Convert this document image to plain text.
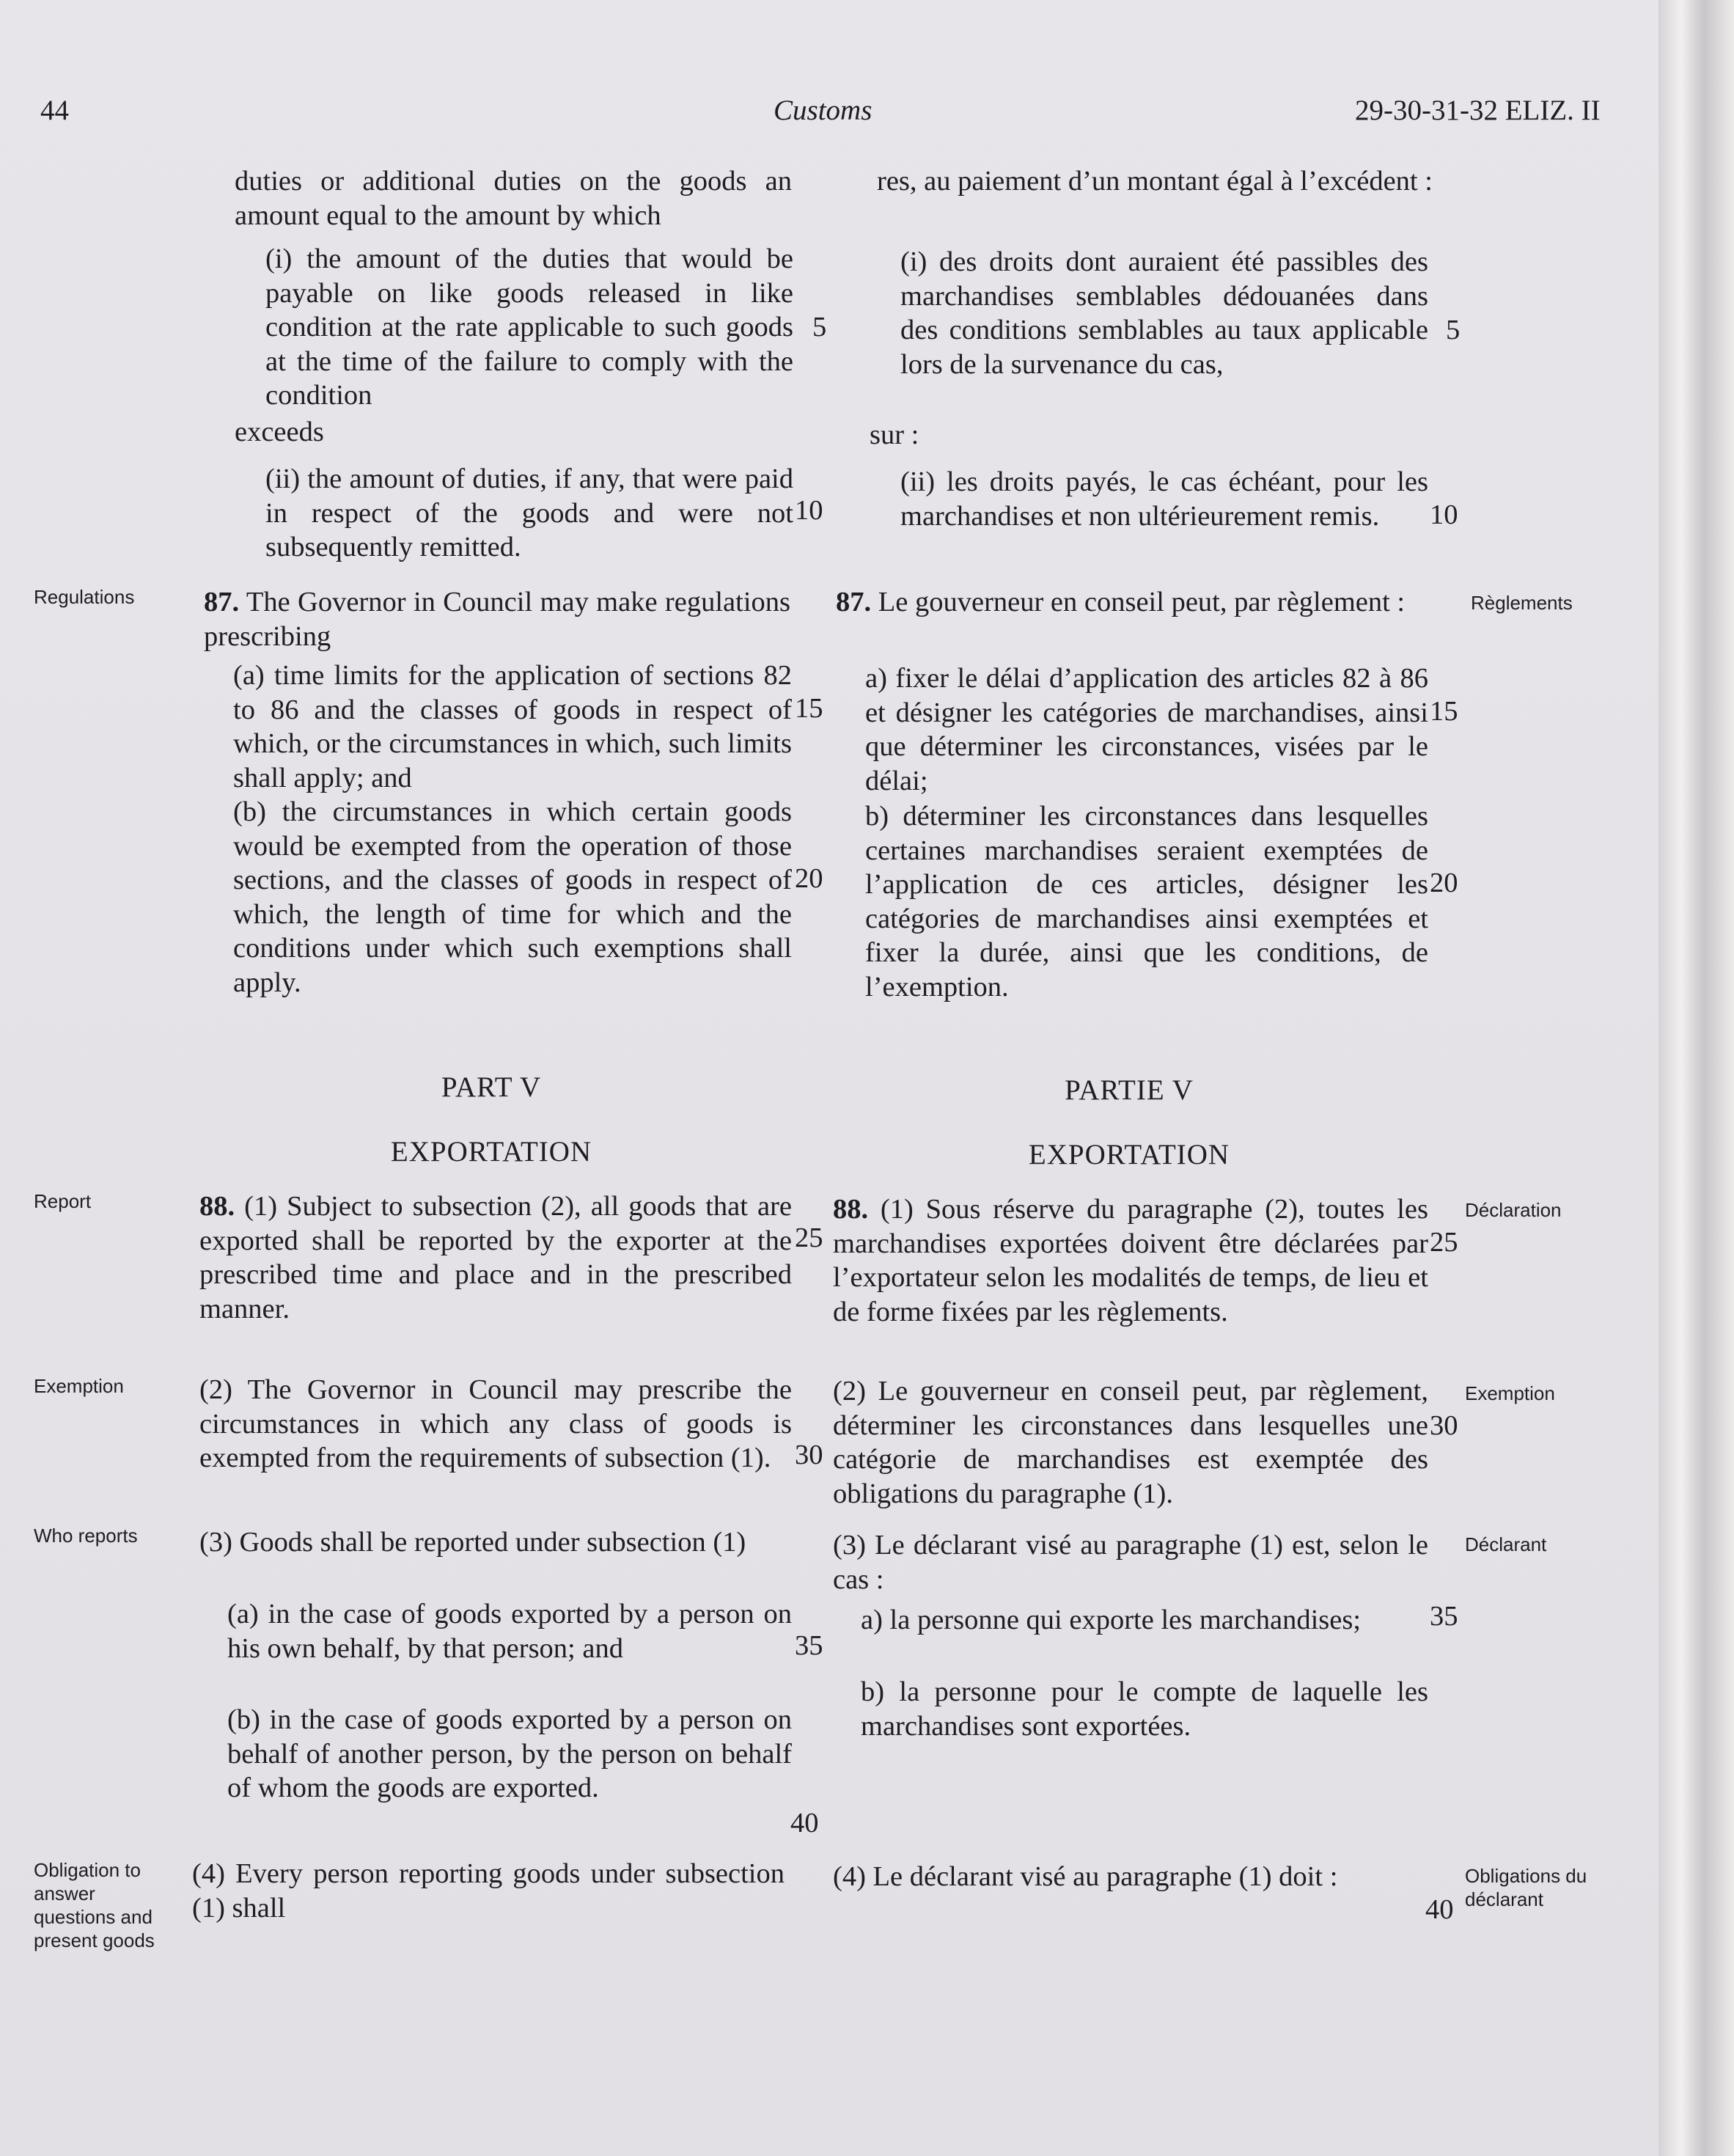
44	Customs	29-30-31-32 ELIZ. II

duties or additional duties on the goods an amount equal to the amount by which

(i) the amount of the duties that would be payable on like goods released in like condition at the rate applicable to such goods at the time of the failure to comply with the condition

exceeds

(ii) the amount of duties, if any, that were paid in respect of the goods and were not subsequently remitted.

87. The Governor in Council may make regulations prescribing

(a) time limits for the application of sections 82 to 86 and the classes of goods in respect of which, or the circumstances in which, such limits shall apply; and

(b) the circumstances in which certain goods would be exempted from the operation of those sections, and the classes of goods in respect of which, the length of time for which and the conditions under which such exemptions shall apply.

PART V
EXPORTATION

88. (1) Subject to subsection (2), all goods that are exported shall be reported by the exporter at the prescribed time and place and in the prescribed manner.

(2) The Governor in Council may prescribe the circumstances in which any class of goods is exempted from the requirements of subsection (1).

(3) Goods shall be reported under subsection (1)

(a) in the case of goods exported by a person on his own behalf, by that person; and

(b) in the case of goods exported by a person on behalf of another person, by the person on behalf of whom the goods are exported.

(4) Every person reporting goods under subsection (1) shall

5
10
15
20
25
30
35
40

res, au paiement d’un montant égal à l’excédent :

(i) des droits dont auraient été passibles des marchandises semblables dédouanées dans des conditions semblables au taux applicable lors de la survenance du cas,

sur :

(ii) les droits payés, le cas échéant, pour les marchandises et non ultérieurement remis.

87. Le gouverneur en conseil peut, par règlement :

a) fixer le délai d’application des articles 82 à 86 et désigner les catégories de marchandises, ainsi que déterminer les circonstances, visées par le délai;

b) déterminer les circonstances dans lesquelles certaines marchandises seraient exemptées de l’application de ces articles, désigner les catégories de marchandises ainsi exemptées et fixer la durée, ainsi que les conditions, de l’exemption.

PARTIE V
EXPORTATION

88. (1) Sous réserve du paragraphe (2), toutes les marchandises exportées doivent être déclarées par l’exportateur selon les modalités de temps, de lieu et de forme fixées par les règlements.

(2) Le gouverneur en conseil peut, par règlement, déterminer les circonstances dans lesquelles une catégorie de marchandises est exemptée des obligations du paragraphe (1).

(3) Le déclarant visé au paragraphe (1) est, selon le cas :

a) la personne qui exporte les marchandises;

b) la personne pour le compte de laquelle les marchandises sont exportées.

(4) Le déclarant visé au paragraphe (1) doit :

5
10
15
20
25
30
35
40
Regulations
Report
Exemption
Who reports
Obligation to answer questions and present goods
Règlements
Déclaration
Exemption
Déclarant
Obligations du déclarant
